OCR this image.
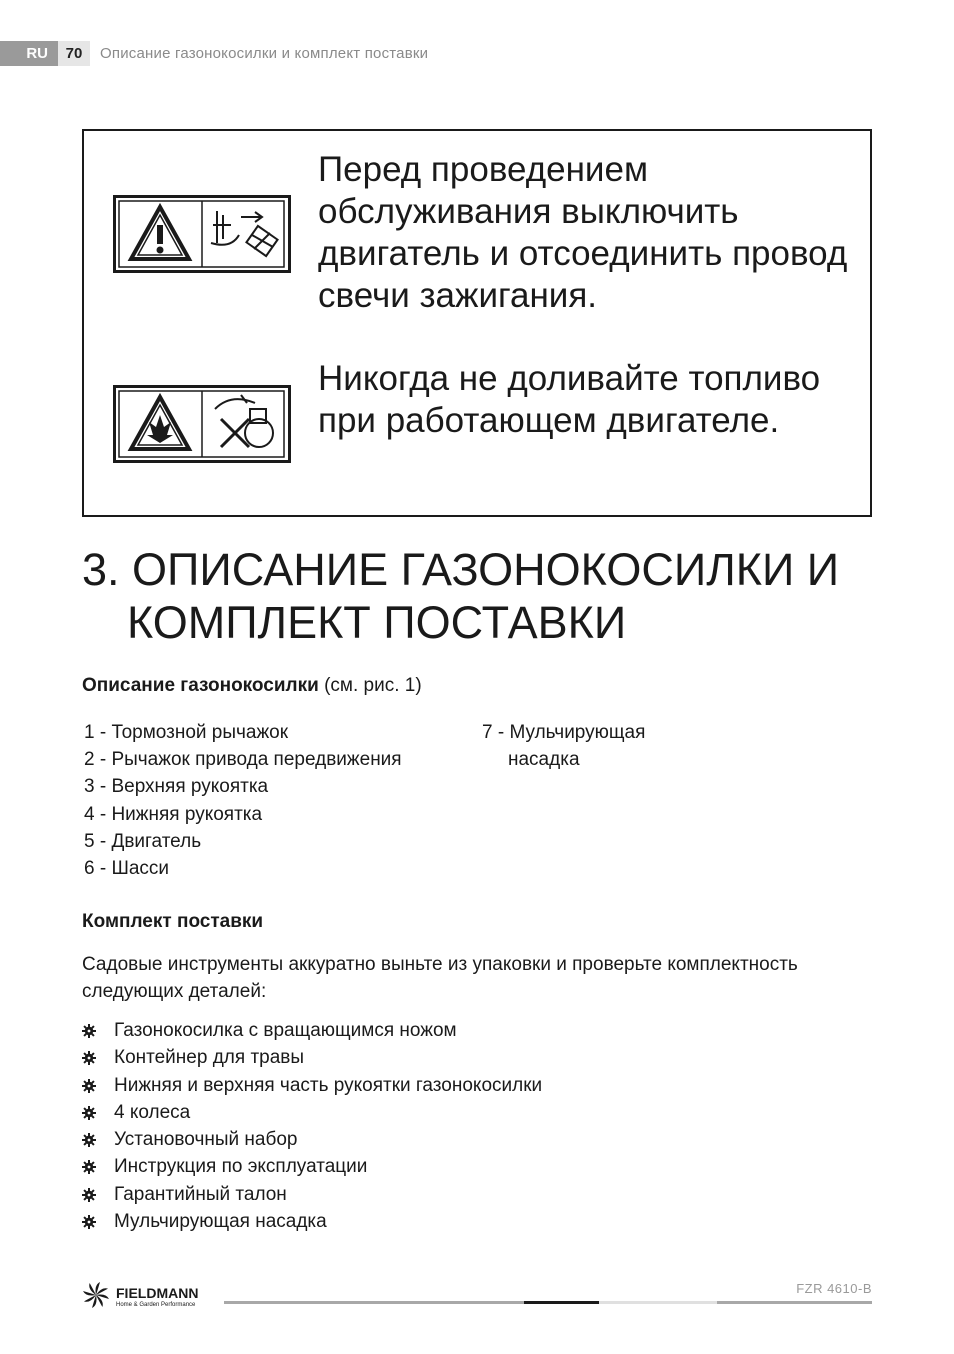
RU	70	Описание газонокосилки и комплект поставки
Перед проведением обслуживания выключить двигатель и отсоединить провод свечи зажигания.
Никогда не доливайте топливо при работающем двигателе.
3. ОПИСАНИЕ ГАЗОНОКОСИЛКИ И
КОМПЛЕКТ ПОСТАВКИ
Описание газонокосилки (см. рис. 1)
1 - Тормозной рычажок
2 - Рычажок привода передвижения
3 - Верхняя рукоятка
4 - Нижняя рукоятка
5 - Двигатель
6 - Шасси
7 - Мульчирующая
насадка
Комплект поставки
Садовые инструменты аккуратно выньте из упаковки и проверьте комплектность
следующих деталей:
Газонокосилка с вращающимся ножом
Контейнер для травы
Нижняя и верхняя часть рукоятки газонокосилки
4 колеса
Установочный набор
Инструкция по эксплуатации
Гарантийный талон
Мульчирующая насадка
FIELDMANN
Home & Garden Performance
FZR 4610-B
